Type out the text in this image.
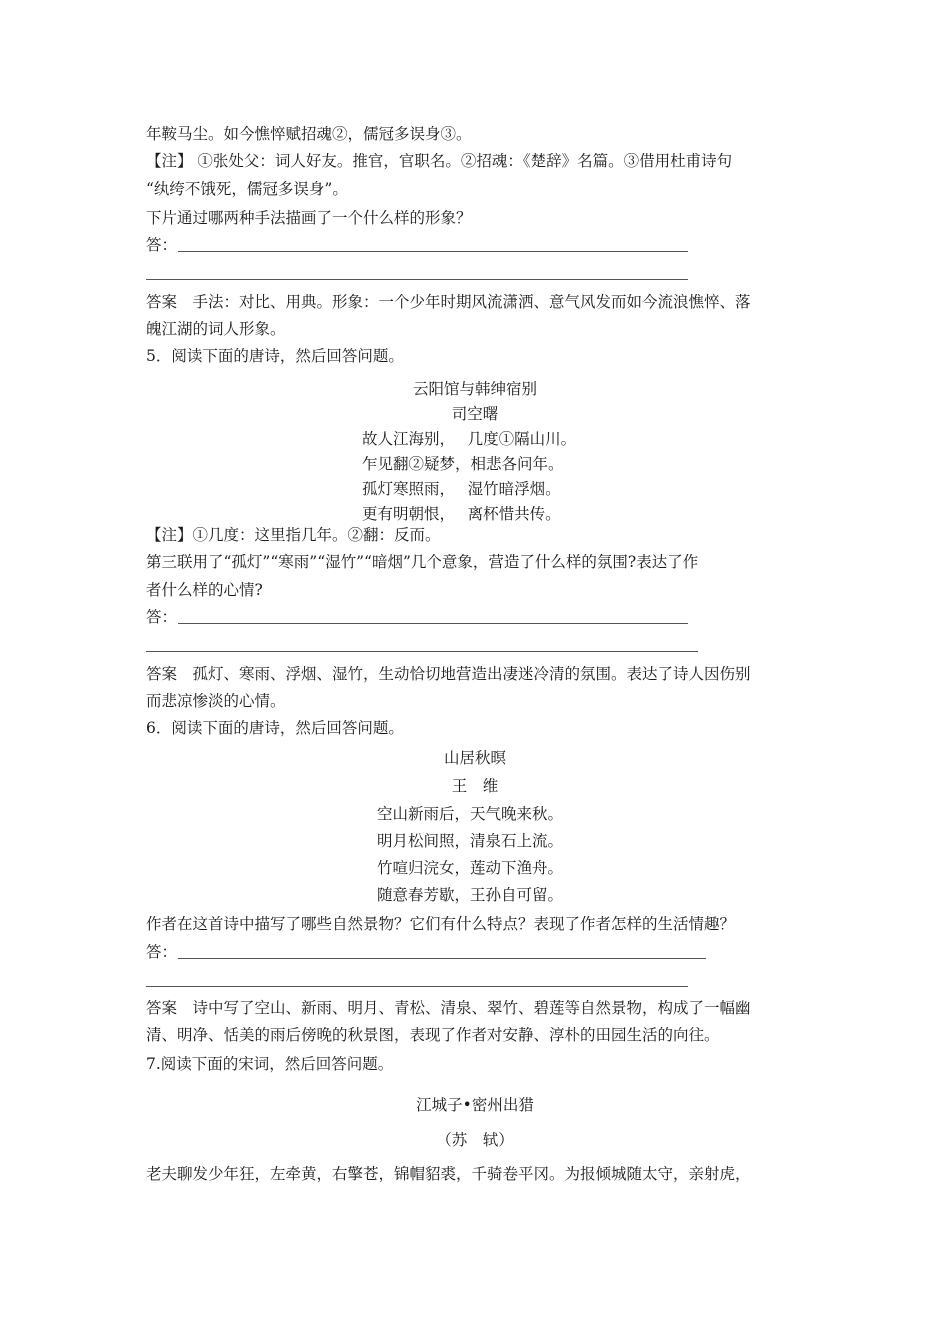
年鞍马尘。如今憔悴赋招魂②，儒冠多误身③。
【注】 ①张处父：词人好友。推官，官职名。②招魂：《楚辞》名篇。③借用杜甫诗句
“纨绔不饿死，儒冠多误身”。
下片通过哪两种手法描画了一个什么样的形象？
答：
答案　手法：对比、用典。形象：一个少年时期风流潇洒、意气风发而如今流浪憔悴、落
魄江湖的词人形象。
5．阅读下面的唐诗，然后回答问题。
云阳馆与韩绅宿别
司空曙
故人江海别，　 几度①隔山川。
乍见翻②疑梦，相悲各问年。
孤灯寒照雨，　 湿竹暗浮烟。
更有明朝恨，　 离杯惜共传。
【注】①几度：这里指几年。②翻：反而。
第三联用了“孤灯”“寒雨”“湿竹”“暗烟”几个意象，营造了什么样的氛围?表达了作
者什么样的心情?
答：
答案　孤灯、寒雨、浮烟、湿竹，生动恰切地营造出凄迷冷清的氛围。表达了诗人因伤别
而悲凉惨淡的心情。
6．阅读下面的唐诗，然后回答问题。
山居秋暝
王　维
空山新雨后，天气晚来秋。
明月松间照，清泉石上流。
竹喧归浣女，莲动下渔舟。
随意春芳歇，王孙自可留。
作者在这首诗中描写了哪些自然景物？它们有什么特点？表现了作者怎样的生活情趣？
答：
答案　诗中写了空山、新雨、明月、青松、清泉、翠竹、碧莲等自然景物，构成了一幅幽
清、明净、恬美的雨后傍晚的秋景图，表现了作者对安静、淳朴的田园生活的向往。
7.阅读下面的宋词，然后回答问题。
江城子•密州出猎
（苏　轼）
老夫聊发少年狂，左牵黄，右擎苍，锦帽貂裘，千骑卷平冈。为报倾城随太守，亲射虎，
